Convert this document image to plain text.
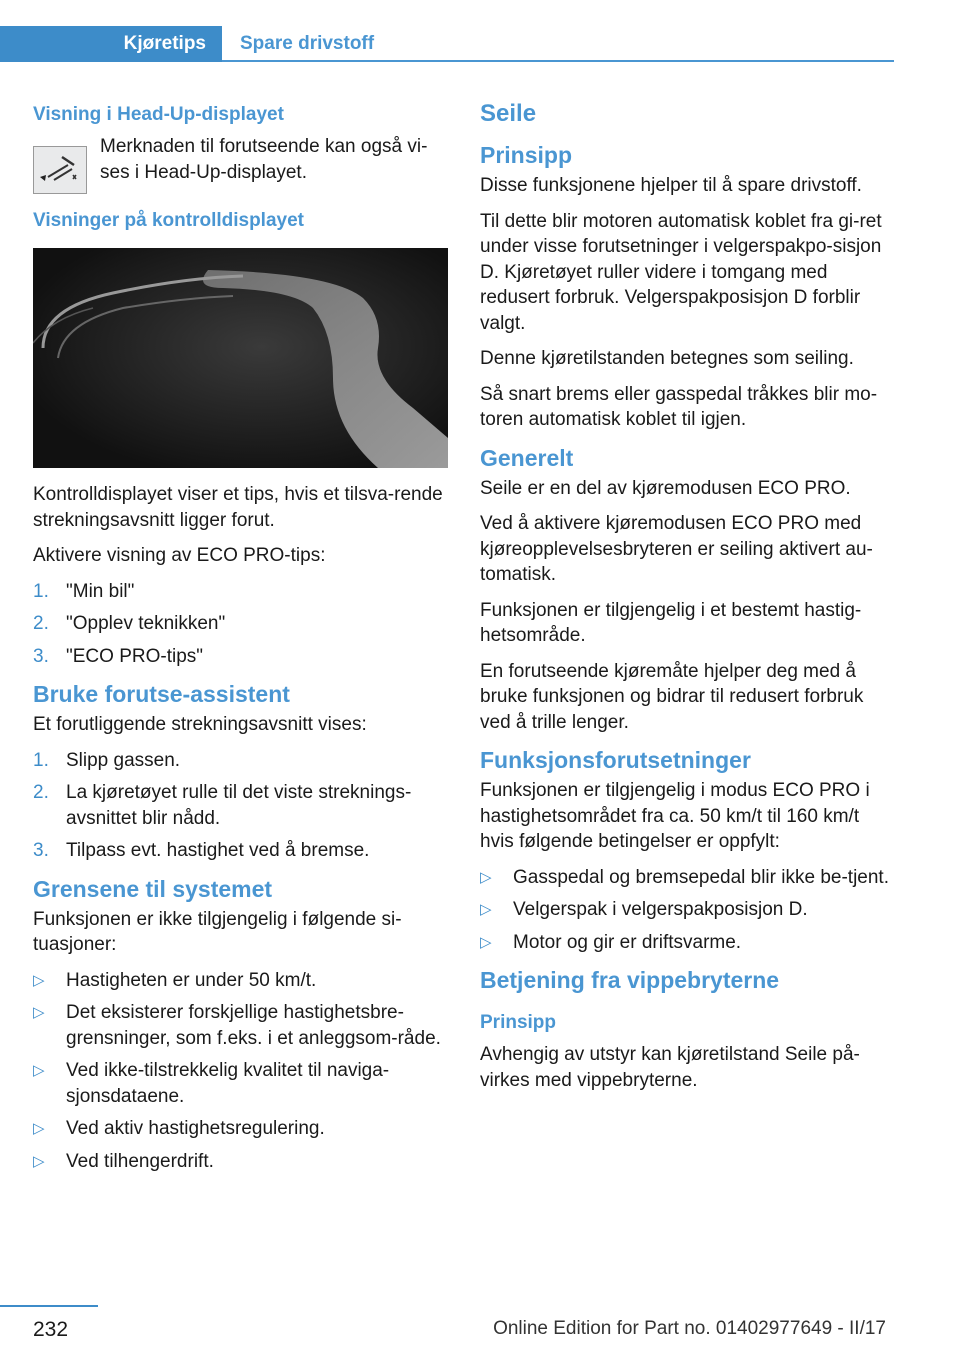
Kjøretips	Spare drivstoff
Visning i Head-Up-displayet

Merknaden til forutseende kan også vi-ses i Head-Up-displayet.

Visninger på kontrolldisplayet

Kontrolldisplayet viser et tips, hvis et tilsva-rende strekningsavsnitt ligger forut.

Aktivere visning av ECO PRO-tips:

1. "Min bil"
2. "Opplev teknikken"
3. "ECO PRO-tips"
Bruke forutse-assistent

Et forutliggende strekningsavsnitt vises:

1. Slipp gassen.
2. La kjøretøyet rulle til det viste streknings-avsnittet blir nådd.
3. Tilpass evt. hastighet ved å bremse.
Grensene til systemet

Funksjonen er ikke tilgjengelig i følgende si-tuasjoner:

▷	Hastigheten er under 50 km/t.
▷	Det eksisterer forskjellige hastighetsbre-grensninger, som f.eks. i et anleggsom-råde.
▷	Ved ikke-tilstrekkelig kvalitet til naviga-sjonsdataene.
▷	Ved aktiv hastighetsregulering.
▷	Ved tilhengerdrift.
Seile
Prinsipp

Disse funksjonene hjelper til å spare drivstoff.

Til dette blir motoren automatisk koblet fra gi-ret under visse forutsetninger i velgerspakpo-sisjon D. Kjøretøyet ruller videre i tomgang med redusert forbruk. Velgerspakposisjon D forblir valgt.

Denne kjøretilstanden betegnes som seiling.

Så snart brems eller gasspedal tråkkes blir mo-toren automatisk koblet til igjen.

Generelt

Seile er en del av kjøremodusen ECO PRO.

Ved å aktivere kjøremodusen ECO PRO med kjøreopplevelsesbryteren er seiling aktivert au-tomatisk.

Funksjonen er tilgjengelig i et bestemt hastig-hetsområde.

En forutseende kjøremåte hjelper deg med å bruke funksjonen og bidrar til redusert forbruk ved å trille lenger.

Funksjonsforutsetninger

Funksjonen er tilgjengelig i modus ECO PRO i hastighetsområdet fra ca. 50 km/t til 160 km/t hvis følgende betingelser er oppfylt:

▷	Gasspedal og bremsepedal blir ikke be-tjent.
▷	Velgerspak i velgerspakposisjon D.
▷	Motor og gir er driftsvarme.
Betjening fra vippebryterne
Prinsipp

Avhengig av utstyr kan kjøretilstand Seile på-virkes med vippebryterne.

232	Online Edition for Part no. 01402977649 - II/17
